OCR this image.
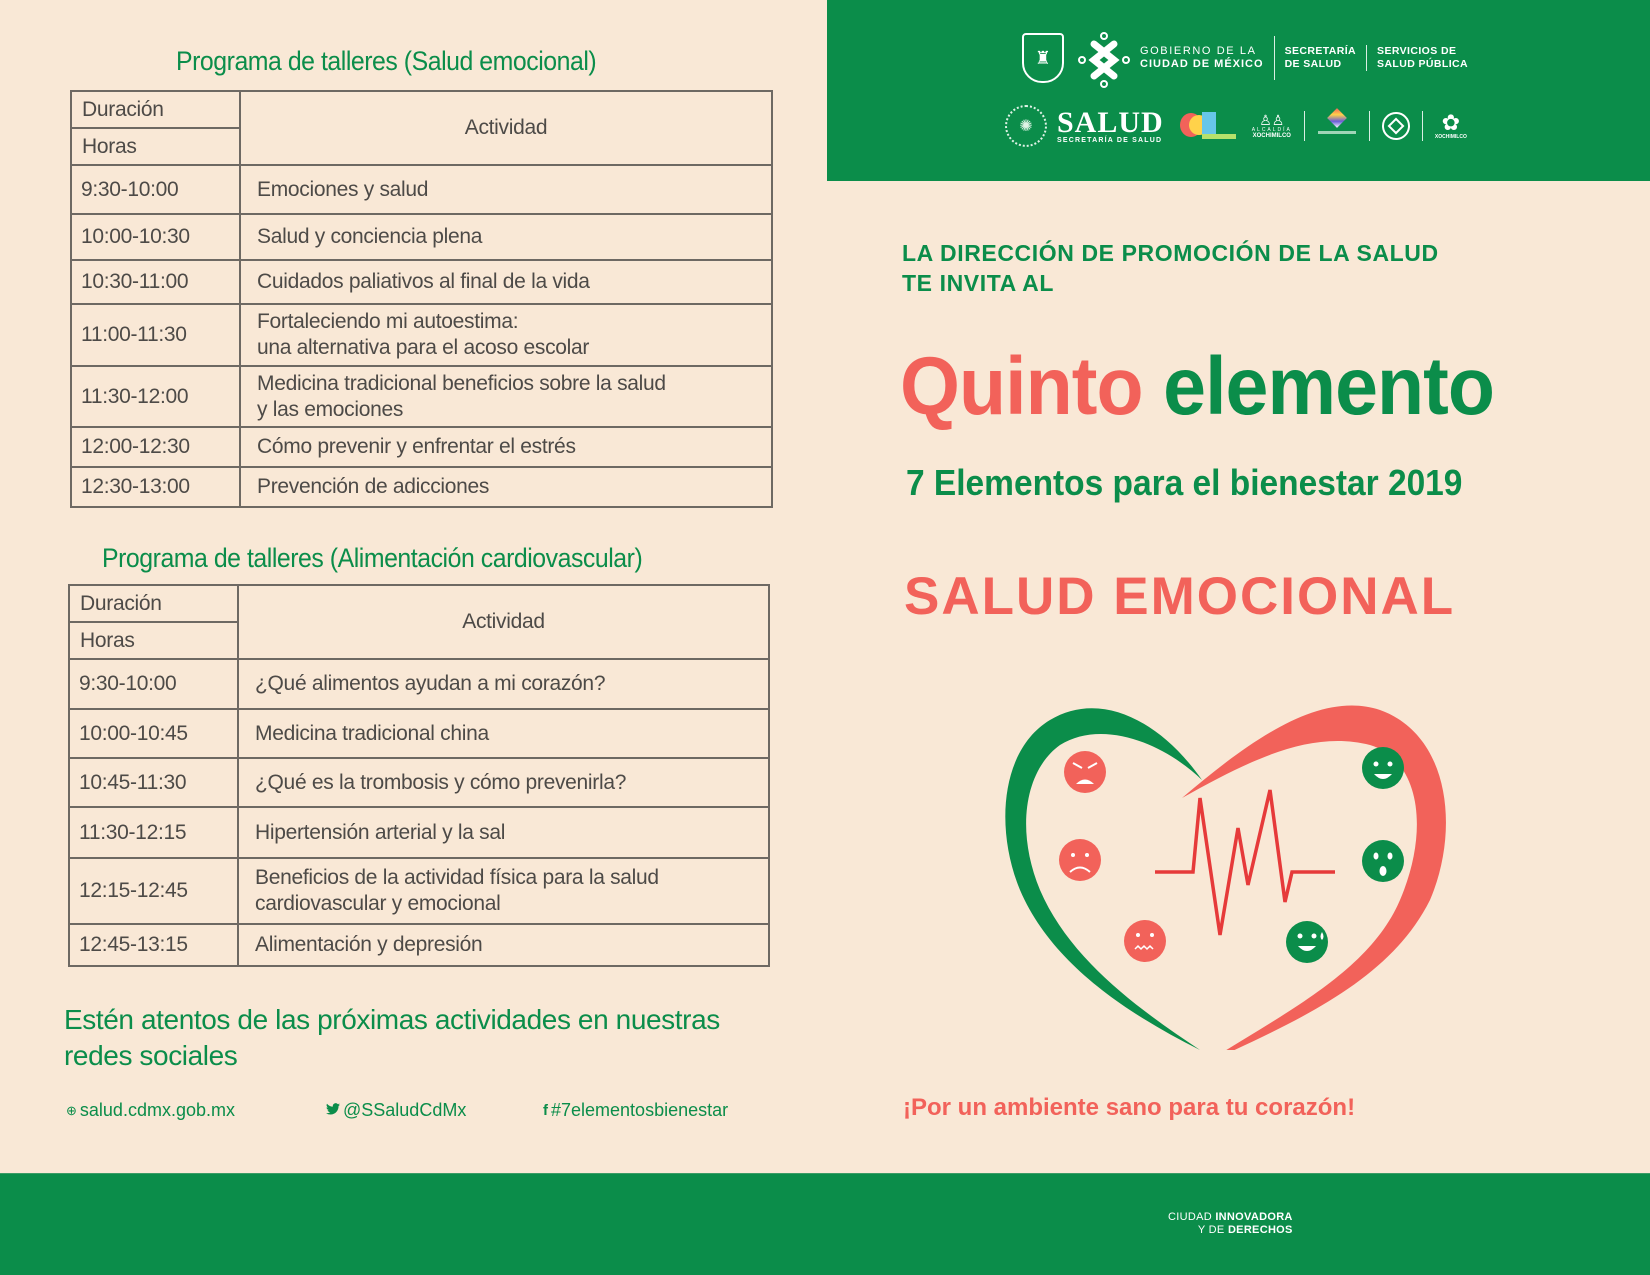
Programa de talleres (Salud emocional)
Duración	Actividad
Horas	
9:30-10:00	Emociones y salud

10:00-10:30	Salud y conciencia plena

10:30-11:00	Cuidados paliativos al final de la vida

11:00-11:30	Fortaleciendo mi autoestima:
una alternativa para el acoso escolar

11:30-12:00	Medicina tradicional beneficios sobre la salud
y las emociones

12:00-12:30	Cómo prevenir y enfrentar el estrés

12:30-13:00	Prevención de adicciones
Programa de talleres (Alimentación cardiovascular)
Duración	Actividad
Horas	
9:30-10:00	¿Qué alimentos ayudan a mi corazón?

10:00-10:45	Medicina tradicional china

10:45-11:30	¿Qué es la trombosis y cómo prevenirla?

11:30-12:15	Hipertensión arterial y la sal

12:15-12:45	Beneficios de la actividad física para la salud
cardiovascular y emocional

12:45-13:15	Alimentación y depresión
Estén atentos de las próximas actividades en nuestras redes sociales
⊕ salud.cdmx.gob.mx	@SSaludCdMx	f #7elementosbienestar
♜	GOBIERNO DE LA
CIUDAD DE MÉXICO
SECRETARÍA
DE SALUD
SERVICIOS DE
SALUD PÚBLICA
✺ SALUD
SECRETARÍA DE SALUD
♙♙
ALCALDÍA
XOCHIMILCO
✿
XOCHIMILCO
LA DIRECCIÓN DE PROMOCIÓN DE LA SALUD
TE INVITA AL
Quinto elemento
7 Elementos para el bienestar 2019
SALUD EMOCIONAL
¡Por un ambiente sano para tu corazón!
CIUDAD INNOVADORA
Y DE DERECHOS
